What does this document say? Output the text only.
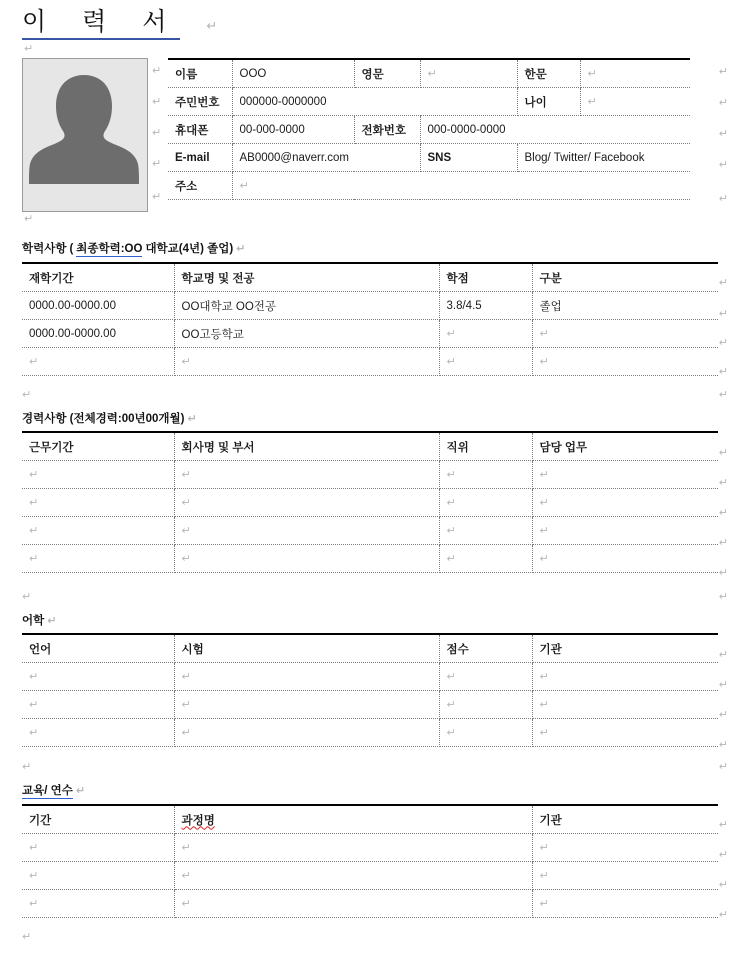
이 력 서 ↵
↵
↵
↵
↵
↵
↵
↵
↵
↵
↵
↵
↵
이름	OOO	영문	↵	한문	↵
주민번호	000000-0000000			나이	↵
휴대폰	00-000-0000	전화번호	000-0000-0000		
E-mail	AB0000@naverr.com		SNS	Blog/ Twitter/ Facebook	
주소	↵				
학력사항 ( 최종학력:OO 대학교(4년) 졸업) ↵
재학기간	학교명 및 전공	학점	구분
0000.00-0000.00	OO대학교 OO전공	3.8/4.5	졸업
0000.00-0000.00	OO고등학교	↵	↵
↵	↵	↵	↵
↵
↵
↵
↵
↵	↵
경력사항 (전체경력:00년00개월) ↵
근무기간	회사명 및 부서	직위	담당 업무
↵	↵	↵	↵
↵	↵	↵	↵
↵	↵	↵	↵
↵	↵	↵	↵
↵
↵
↵
↵
↵
↵	↵
어학 ↵
언어	시험	점수	기관
↵	↵	↵	↵
↵	↵	↵	↵
↵	↵	↵	↵
↵
↵
↵
↵
↵	↵
교육/ 연수 ↵
기간	과정명	기관
↵	↵	↵
↵	↵	↵
↵	↵	↵
↵
↵
↵
↵
↵
